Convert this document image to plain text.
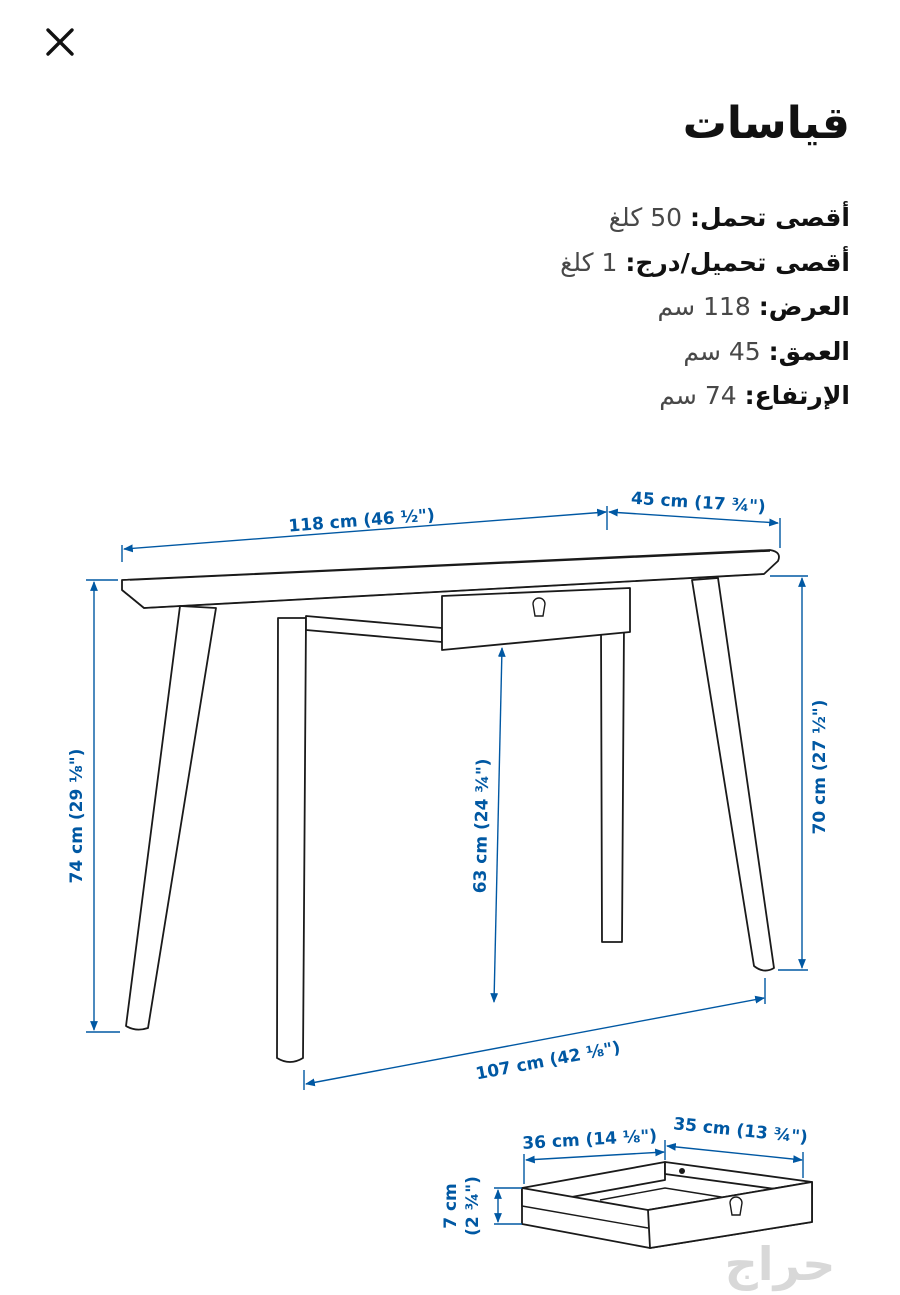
قياسات
أقصى تحمل: 50 كلغ
أقصى تحميل/درج: 1 كلغ
العرض: 118 سم
العمق: 45 سم
الإرتفاع: 74 سم
118 cm (46 ½")
45 cm (17 ¾")
74 cm (29 ⅛")	63 cm (24 ¾")	70 cm (27 ½")
107 cm (42 ⅛")
36 cm (14 ⅛") 35 cm (13 ¾")
7 cm (2 ¾")
حراج
